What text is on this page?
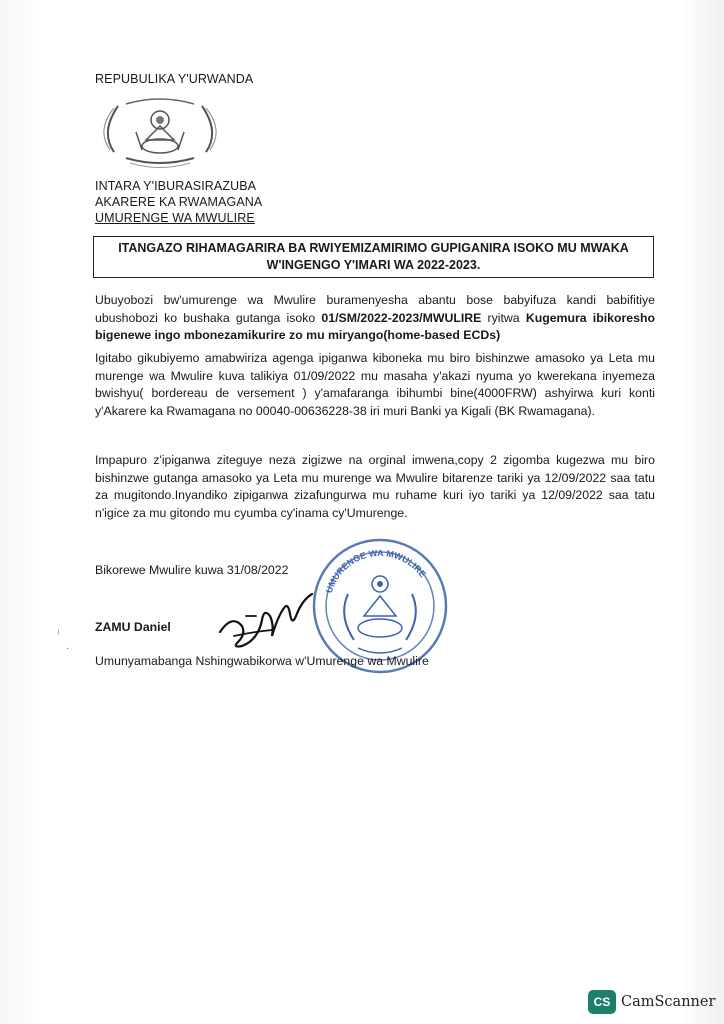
REPUBULIKA Y'URWANDA
INTARA Y'IBURASIRAZUBA
AKARERE KA RWAMAGANA
UMURENGE WA MWULIRE
ITANGAZO RIHAMAGARIRA BA RWIYEMIZAMIRIMO GUPIGANIRA ISOKO MU MWAKA
W'INGENGO Y'IMARI WA 2022-2023.
Ubuyobozi bw'umurenge wa Mwulire buramenyesha abantu bose babyifuza kandi babifitiye ubushobozi ko bushaka gutanga isoko 01/SM/2022-2023/MWULIRE ryitwa Kugemura ibikoresho bigenewe ingo mbonezamikurire zo mu miryango(home-based ECDs)
Igitabo gikubiyemo amabwiriza agenga ipiganwa kiboneka mu biro bishinzwe amasoko ya Leta mu murenge wa Mwulire kuva talikiya 01/09/2022 mu masaha y'akazi nyuma yo kwerekana inyemeza bwishyu( bordereau de versement ) y'amafaranga ibihumbi bine(4000FRW) ashyirwa kuri konti y'Akarere ka Rwamagana no 00040-00636228-38 iri muri Banki ya Kigali (BK Rwamagana).
Impapuro z'ipiganwa ziteguye neza zigizwe na orginal imwena,copy 2 zigomba kugezwa mu biro bishinzwe gutanga amasoko ya Leta mu murenge wa Mwulire bitarenze tariki ya 12/09/2022 saa tatu za mugitondo.Inyandiko zipiganwa zizafungurwa mu ruhame kuri iyo tariki ya 12/09/2022 saa tatu n'igice za mu gitondo mu cyumba cy'inama cy'Umurenge.
Bikorewe Mwulire kuwa 31/08/2022
UMURENGE WA MWULIRE
ZAMU Daniel
Umunyamabanga Nshingwabikorwa w'Umurenge wa Mwulire
ᵎ
·
CS CamScanner
